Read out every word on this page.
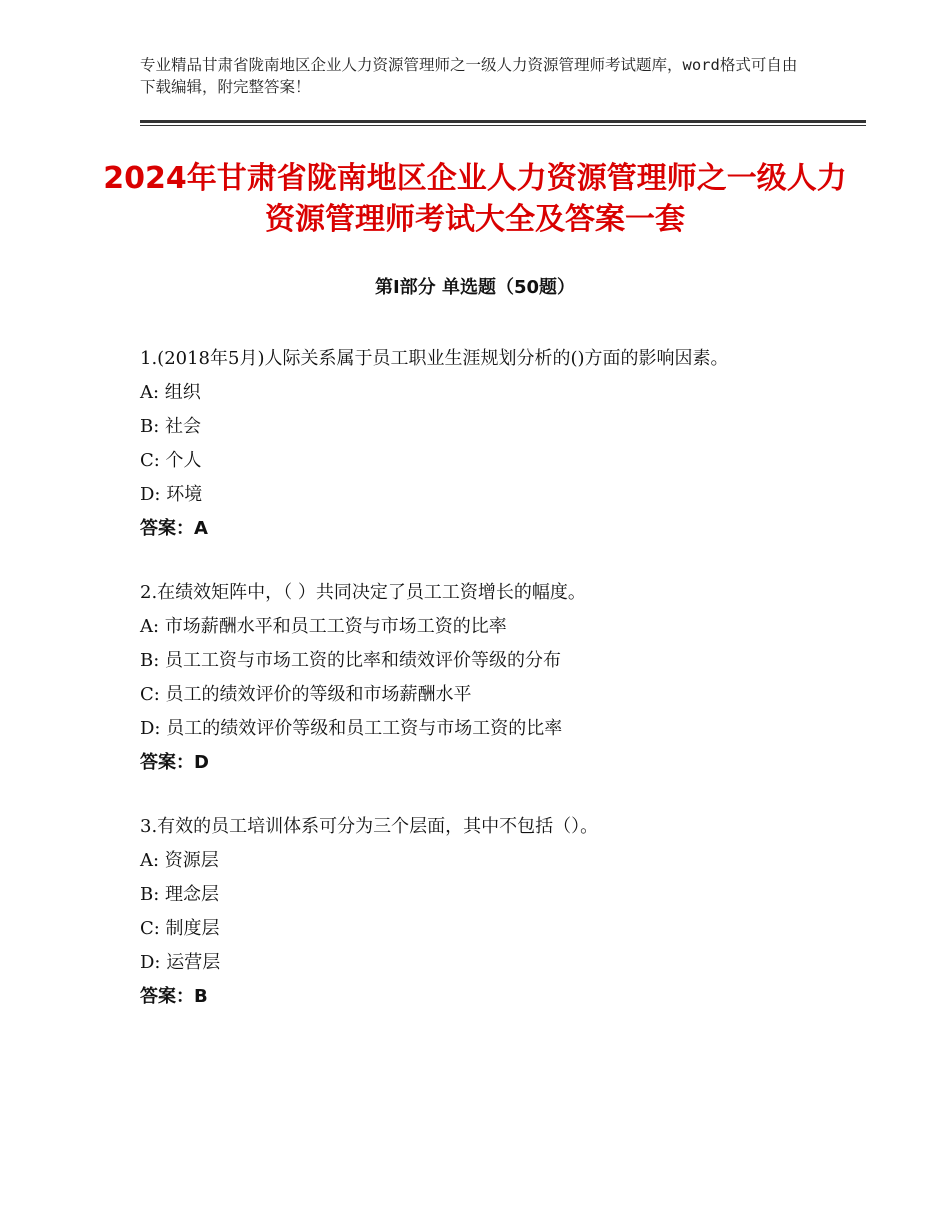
专业精品甘肃省陇南地区企业人力资源管理师之一级人力资源管理师考试题库，word格式可自由下载编辑，附完整答案！

2024年甘肃省陇南地区企业人力资源管理师之一级人力资源管理师考试大全及答案一套
第Ⅰ部分 单选题（50题）

1.(2018年5月)人际关系属于员工职业生涯规划分析的()方面的影响因素。

A: 组织

B: 社会

C: 个人

D: 环境

答案：A

2.在绩效矩阵中，（ ）共同决定了员工工资增长的幅度。

A: 市场薪酬水平和员工工资与市场工资的比率

B: 员工工资与市场工资的比率和绩效评价等级的分布

C: 员工的绩效评价的等级和市场薪酬水平

D: 员工的绩效评价等级和员工工资与市场工资的比率

答案：D

3.有效的员工培训体系可分为三个层面，其中不包括（）。

A: 资源层

B: 理念层

C: 制度层

D: 运营层

答案：B
